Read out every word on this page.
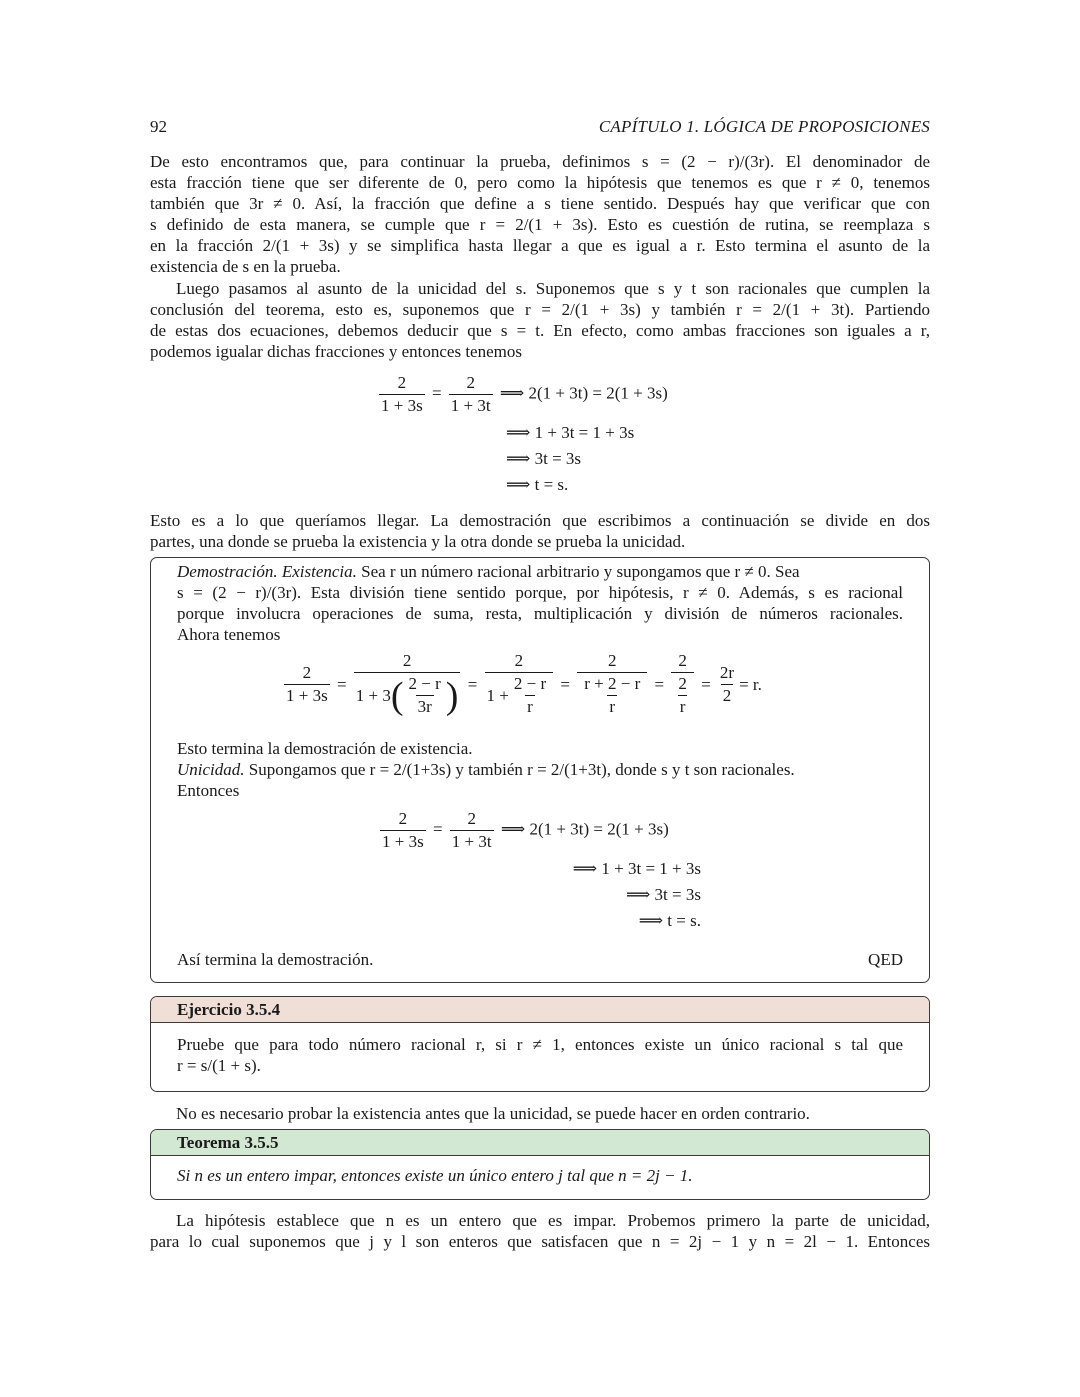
92	CAPÍTULO 1. LÓGICA DE PROPOSICIONES
De esto encontramos que, para continuar la prueba, definimos s = (2 − r)/(3r). El denominador de
esta fracción tiene que ser diferente de 0, pero como la hipótesis que tenemos es que r ≠ 0, tenemos
también que 3r ≠ 0. Así, la fracción que define a s tiene sentido. Después hay que verificar que con
s definido de esta manera, se cumple que r = 2/(1 + 3s). Esto es cuestión de rutina, se reemplaza s
en la fracción 2/(1 + 3s) y se simplifica hasta llegar a que es igual a r. Esto termina el asunto de la
existencia de s en la prueba.
Luego pasamos al asunto de la unicidad del s. Suponemos que s y t son racionales que cumplen la
conclusión del teorema, esto es, suponemos que r = 2/(1 + 3s) y también r = 2/(1 + 3t). Partiendo
de estas dos ecuaciones, debemos deducir que s = t. En efecto, como ambas fracciones son iguales a r,
podemos igualar dichas fracciones y entonces tenemos
$\frac{2}{1 + 3s} = \frac{2}{1 + 3t}$ ⟹ 2(1 + 3t) = 2(1 + 3s)
⟹ 1 + 3t = 1 + 3s
⟹ 3t = 3s
⟹ t = s.
Esto es a lo que queríamos llegar. La demostración que escribimos a continuación se divide en dos
partes, una donde se prueba la existencia y la otra donde se prueba la unicidad.
Demostración. Existencia. Sea r un número racional arbitrario y supongamos que r ≠ 0. Sea
s = (2 − r)/(3r). Esta división tiene sentido porque, por hipótesis, r ≠ 0. Además, s es racional
porque involucra operaciones de suma, resta, multiplicación y división de números racionales.
Ahora tenemos
$\frac{2}{1 + 3s} = \frac{2}{1 + 3 ( \frac{2 - r}{3r} )} = \frac{2}{1 + \frac{2 - r}{r}} = \frac{2}{\frac{r + 2 - r}{r}} = \frac{2}{\frac{2}{r}} = \frac{2r}{2} = r$.
Esto termina la demostración de existencia.
Unicidad. Supongamos que r = 2/(1+3s) y también r = 2/(1+3t), donde s y t son racionales.
Entonces
$\frac{2}{1 + 3s} = \frac{2}{1 + 3t}$ ⟹ 2(1 + 3t) = 2(1 + 3s)
⟹ 1 + 3t = 1 + 3s
⟹ 3t = 3s
⟹ t = s.
Así termina la demostración.	QED
Ejercicio 3.5.4
Pruebe que para todo número racional r, si r ≠ 1, entonces existe un único racional s tal que
r = s/(1 + s).
No es necesario probar la existencia antes que la unicidad, se puede hacer en orden contrario.
Teorema 3.5.5
Si n es un entero impar, entonces existe un único entero j tal que n = 2j − 1.
La hipótesis establece que n es un entero que es impar. Probemos primero la parte de unicidad,
para lo cual suponemos que j y l son enteros que satisfacen que n = 2j − 1 y n = 2l − 1. Entonces
